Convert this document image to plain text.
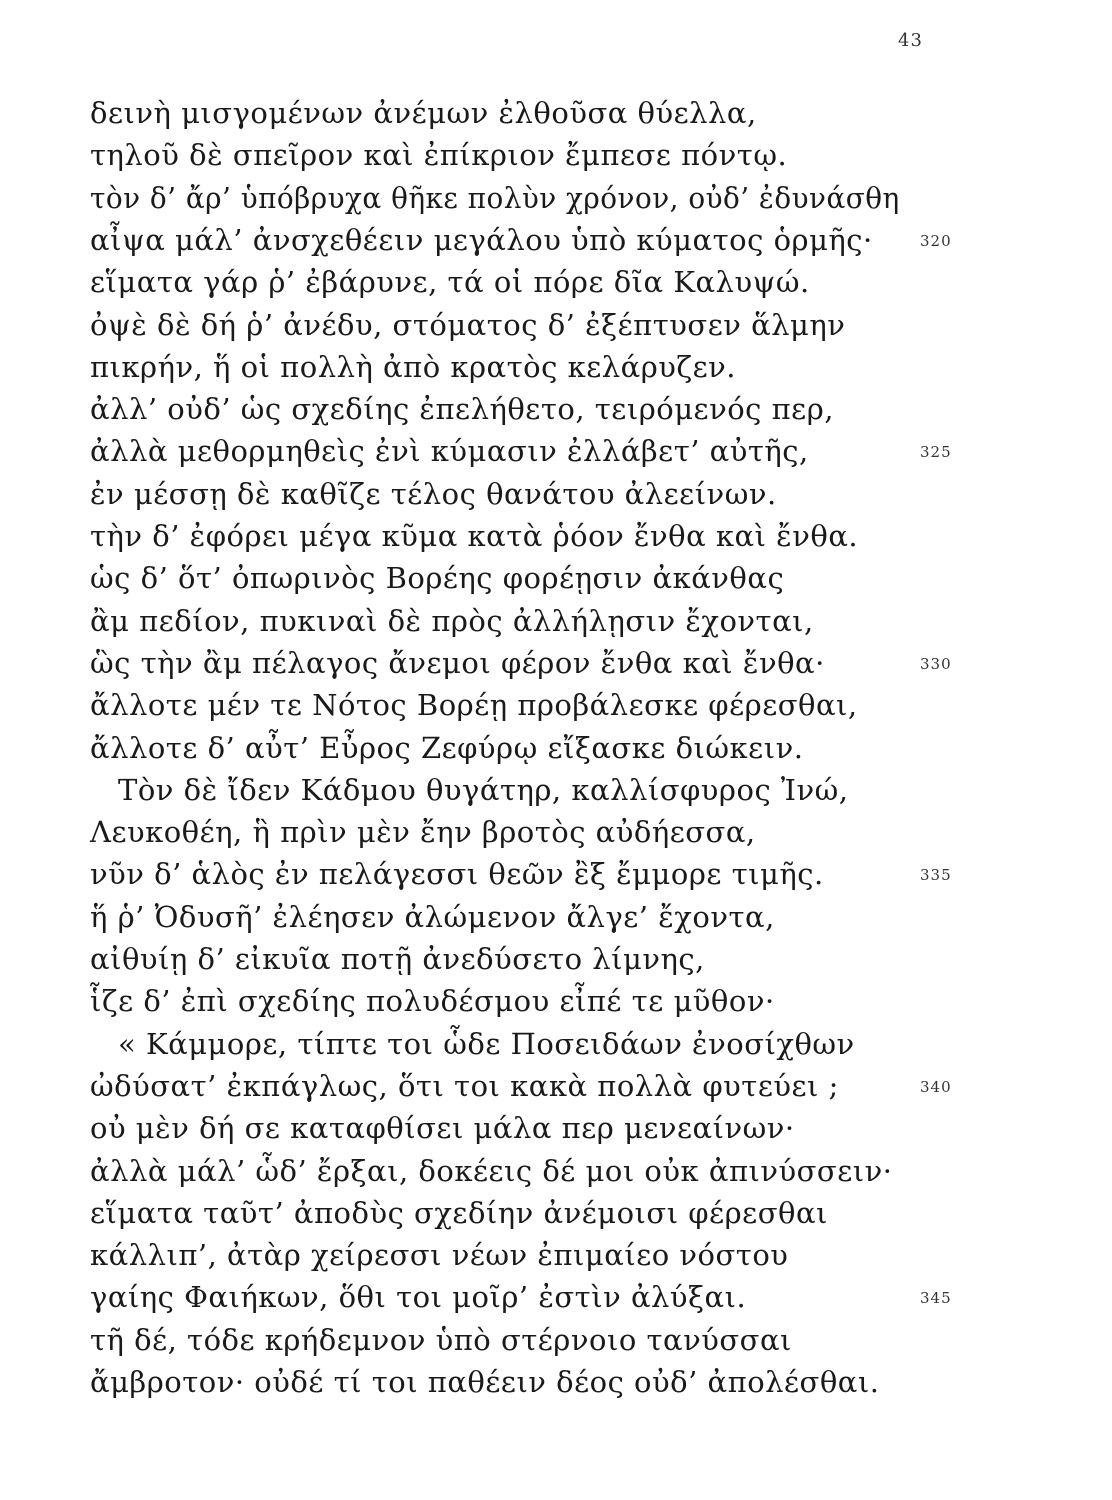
43
δεινὴ μισγομένων ἀνέμων ἐλθοῦσα θύελλα,
τηλοῦ δὲ σπεῖρον καὶ ἐπίκριον ἔμπεσε πόντῳ.
τὸν δ’ ἄρ’ ὑπόβρυχα θῆκε πολὺν χρόνον, οὐδ’ ἐδυνάσθη
αἶψα μάλ’ ἀνσχεθέειν μεγάλου ὑπὸ κύματος ὁρμῆς·	320
εἵματα γάρ ῥ’ ἐβάρυνε, τά οἱ πόρε δῖα Καλυψώ.
ὀψὲ δὲ δή ῥ’ ἀνέδυ, στόματος δ’ ἐξέπτυσεν ἅλμην
πικρήν, ἥ οἱ πολλὴ ἀπὸ κρατὸς κελάρυζεν.
ἀλλ’ οὐδ’ ὡς σχεδίης ἐπελήθετο, τειρόμενός περ,
ἀλλὰ μεθορμηθεὶς ἐνὶ κύμασιν ἐλλάβετ’ αὐτῆς,	325
ἐν μέσσῃ δὲ καθῖζε τέλος θανάτου ἀλεείνων.
τὴν δ’ ἐφόρει μέγα κῦμα κατὰ ῥόον ἔνθα καὶ ἔνθα.
ὡς δ’ ὅτ’ ὀπωρινὸς Βορέης φορέῃσιν ἀκάνθας
ἂμ πεδίον, πυκιναὶ δὲ πρὸς ἀλλήλῃσιν ἔχονται,
ὣς τὴν ἂμ πέλαγος ἄνεμοι φέρον ἔνθα καὶ ἔνθα·	330
ἄλλοτε μέν τε Νότος Βορέῃ προβάλεσκε φέρεσθαι,
ἄλλοτε δ’ αὖτ’ Εὖρος Ζεφύρῳ εἴξασκε διώκειν.
Τὸν δὲ ἴδεν Κάδμου θυγάτηρ, καλλίσφυρος Ἰνώ,
Λευκοθέη, ἣ πρὶν μὲν ἔην βροτὸς αὐδήεσσα,
νῦν δ’ ἁλὸς ἐν πελάγεσσι θεῶν ἒξ ἔμμορε τιμῆς.	335
ἥ ῥ’ Ὀδυσῆ’ ἐλέησεν ἀλώμενον ἄλγε’ ἔχοντα,
αἰθυίῃ δ’ εἰκυῖα ποτῇ ἀνεδύσετο λίμνης,
ἷζε δ’ ἐπὶ σχεδίης πολυδέσμου εἶπέ τε μῦθον·
« Κάμμορε, τίπτε τοι ὧδε Ποσειδάων ἐνοσίχθων
ὠδύσατ’ ἐκπάγλως, ὅτι τοι κακὰ πολλὰ φυτεύει ;	340
οὐ μὲν δή σε καταφθίσει μάλα περ μενεαίνων·
ἀλλὰ μάλ’ ὧδ’ ἔρξαι, δοκέεις δέ μοι οὐκ ἀπινύσσειν·
εἵματα ταῦτ’ ἀποδὺς σχεδίην ἀνέμοισι φέρεσθαι
κάλλιπ’, ἀτὰρ χείρεσσι νέων ἐπιμαίεο νόστου
γαίης Φαιήκων, ὅθι τοι μοῖρ’ ἐστὶν ἀλύξαι.	345
τῆ δέ, τόδε κρήδεμνον ὑπὸ στέρνοιο τανύσσαι
ἄμβροτον· οὐδέ τί τοι παθέειν δέος οὐδ’ ἀπολέσθαι.
